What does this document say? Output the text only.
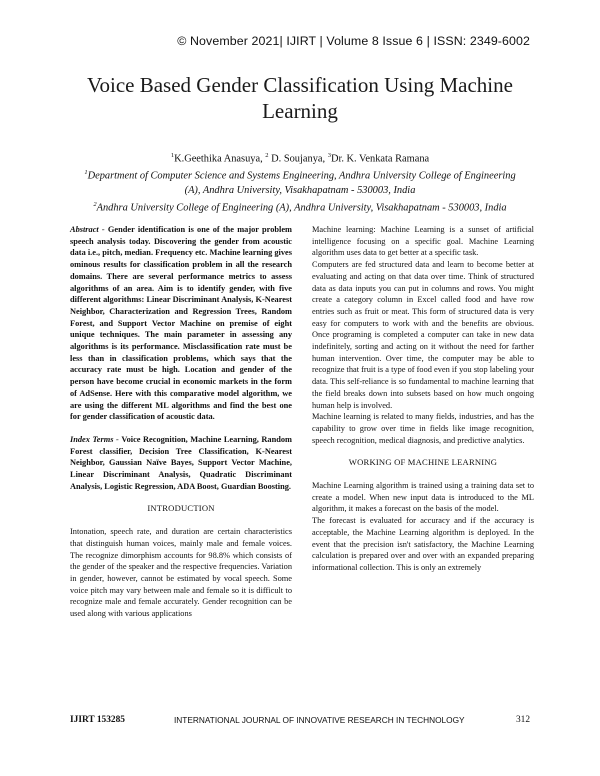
© November 2021| IJIRT | Volume 8 Issue 6 | ISSN: 2349-6002
Voice Based Gender Classification Using Machine
Learning
$^1$K.Geethika Anasuya, $^2$ D. Soujanya, $^3$Dr. K. Venkata Ramana
$^1$Department of Computer Science and Systems Engineering, Andhra University College of Engineering
(A), Andhra University, Visakhapatnam - 530003, India
$^2$Andhra University College of Engineering (A), Andhra University, Visakhapatnam - 530003, India

Abstract - Gender identification is one of the major problem speech analysis today. Discovering the gender from acoustic data i.e., pitch, median. Frequency etc. Machine learning gives ominous results for classification problem in all the research domains. There are several performance metrics to assess algorithms of an area. Aim is to identify gender, with five different algorithms: Linear Discriminant Analysis, K-Nearest Neighbor, Characterization and Regression Trees, Random Forest, and Support Vector Machine on premise of eight unique techniques. The main parameter in assessing any algorithms is its performance. Misclassification rate must be less than in classification problems, which says that the accuracy rate must be high. Location and gender of the person have become crucial in economic markets in the form of AdSense. Here with this comparative model algorithm, we are using the different ML algorithms and find the best one for gender classification of acoustic data.

Index Terms - Voice Recognition, Machine Learning, Random Forest classifier, Decision Tree Classification, K-Nearest Neighbor, Gaussian Naïve Bayes, Support Vector Machine, Linear Discriminant Analysis, Quadratic Discriminant Analysis, Logistic Regression, ADA Boost, Guardian Boosting.

INTRODUCTION

Intonation, speech rate, and duration are certain characteristics that distinguish human voices, mainly male and female voices. The recognize dimorphism accounts for 98.8% which consists of the gender of the speaker and the respective frequencies. Variation in gender, however, cannot be estimated by vocal speech. Some voice pitch may vary between male and female so it is difficult to recognize male and female accurately. Gender recognition can be used along with various applications

Machine learning: Machine Learning is a sunset of artificial intelligence focusing on a specific goal. Machine Learning algorithm uses data to get better at a specific task.

Computers are fed structured data and learn to become better at evaluating and acting on that data over time. Think of structured data as data inputs you can put in columns and rows. You might create a category column in Excel called food and have row entries such as fruit or meat. This form of structured data is very easy for computers to work with and the benefits are obvious. Once programing is completed a computer can take in new data indefinitely, sorting and acting on it without the need for farther human intervention. Over time, the computer may be able to recognize that fruit is a type of food even if you stop labeling your data. This self-reliance is so fundamental to machine learning that the field breaks down into subsets based on how much ongoing human help is involved.

Machine learning is related to many fields, industries, and has the capability to grow over time in fields like image recognition, speech recognition, medical diagnosis, and predictive analytics.

WORKING OF MACHINE LEARNING

Machine Learning algorithm is trained using a training data set to create a model. When new input data is introduced to the ML algorithm, it makes a forecast on the basis of the model.

The forecast is evaluated for accuracy and if the accuracy is acceptable, the Machine Learning algorithm is deployed. In the event that the precision isn't satisfactory, the Machine Learning calculation is prepared over and over with an expanded preparing informational collection. This is only an extremely

IJIRT 153285	INTERNATIONAL JOURNAL OF INNOVATIVE RESEARCH IN TECHNOLOGY	312
